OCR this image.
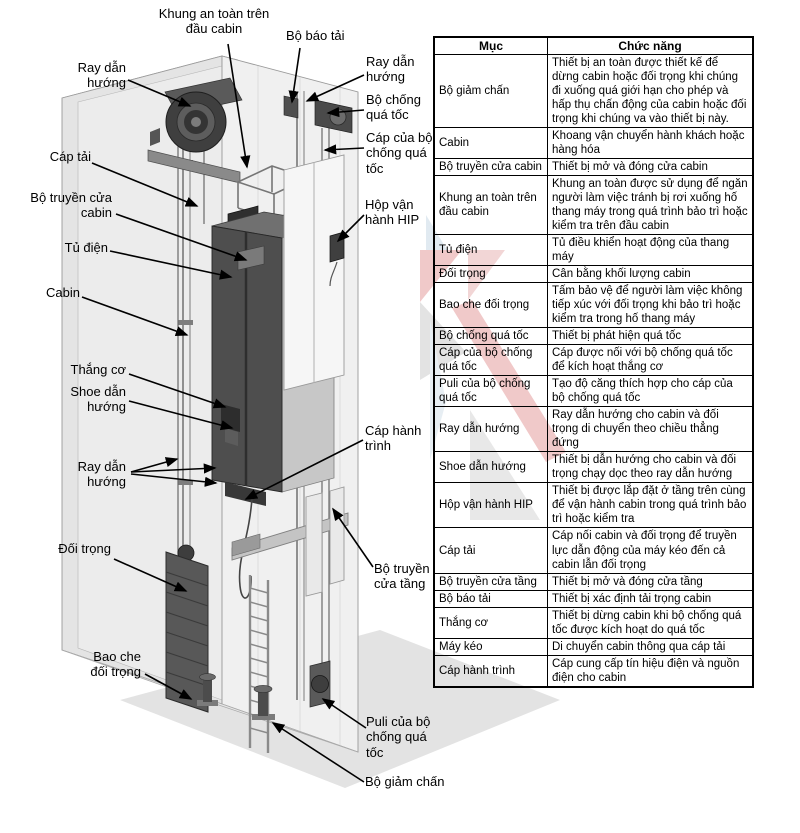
Ray dẫn hướng
Cáp tải
Bộ truyền cửa cabin
Tủ điện
Cabin
Thắng cơ
Shoe dẫn hướng
Ray dẫn hướng
Đối trọng
Bao che đối trọng
Khung an toàn trên đầu cabin	Bộ báo tải
Ray dẫn hướng
Bộ chống quá tốc
Cáp của bộ chống quá tốc
Hộp vận hành HIP
Cáp hành trình
Bộ truyền cửa tầng
Puli của bộ chống quá tốc
Bộ giảm chấn
Mục	Chức năng
Bộ giảm chấn	Thiết bị an toàn được thiết kế để dừng cabin hoặc đối trọng khi chúng đi xuống quá giới hạn cho phép và hấp thụ chấn động của cabin hoặc đối trọng khi chúng va vào thiết bị này.
Cabin	Khoang vận chuyển hành khách hoặc hàng hóa
Bộ truyền cửa cabin	Thiết bị mở và đóng cửa cabin
Khung an toàn trên đầu cabin	Khung an toàn được sử dụng để ngăn người làm việc tránh bị rơi xuống hố thang máy trong quá trình bảo trì hoặc kiểm tra trên đầu cabin
Tủ điện	Tủ điều khiển hoạt động của thang máy
Đối trọng	Cân bằng khối lượng cabin
Bao che đối trọng	Tấm bảo vệ để người làm việc không tiếp xúc với đối trọng khi bảo trì hoặc kiểm tra trong hố thang máy
Bộ chống quá tốc	Thiết bị phát hiện quá tốc
Cáp của bộ chống quá tốc	Cáp được nối với bộ chống quá tốc để kích hoạt thắng cơ
Puli của bộ chống quá tốc	Tạo độ căng thích hợp cho cáp của bộ chống quá tốc
Ray dẫn hướng	Ray dẫn hướng cho cabin và đối trọng di chuyển theo chiều thẳng đứng
Shoe dẫn hướng	Thiết bị dẫn hướng cho cabin và đối trọng chạy dọc theo ray dẫn hướng
Hộp vận hành HIP	Thiết bị được lắp đặt ở tầng trên cùng để vận hành cabin trong quá trình bảo trì hoặc kiểm tra
Cáp tải	Cáp nối cabin và đối trọng để truyền lực dẫn động của máy kéo đến cả cabin lẫn đối trọng
Bộ truyền cửa tầng	Thiết bị mở và đóng cửa tầng
Bộ báo tải	Thiết bị xác định tải trọng cabin
Thắng cơ	Thiết bị dừng cabin khi bộ chống quá tốc được kích hoạt do quá tốc
Máy kéo	Di chuyển cabin thông qua cáp tải
Cáp hành trình	Cáp cung cấp tín hiệu điện và nguồn điện cho cabin
